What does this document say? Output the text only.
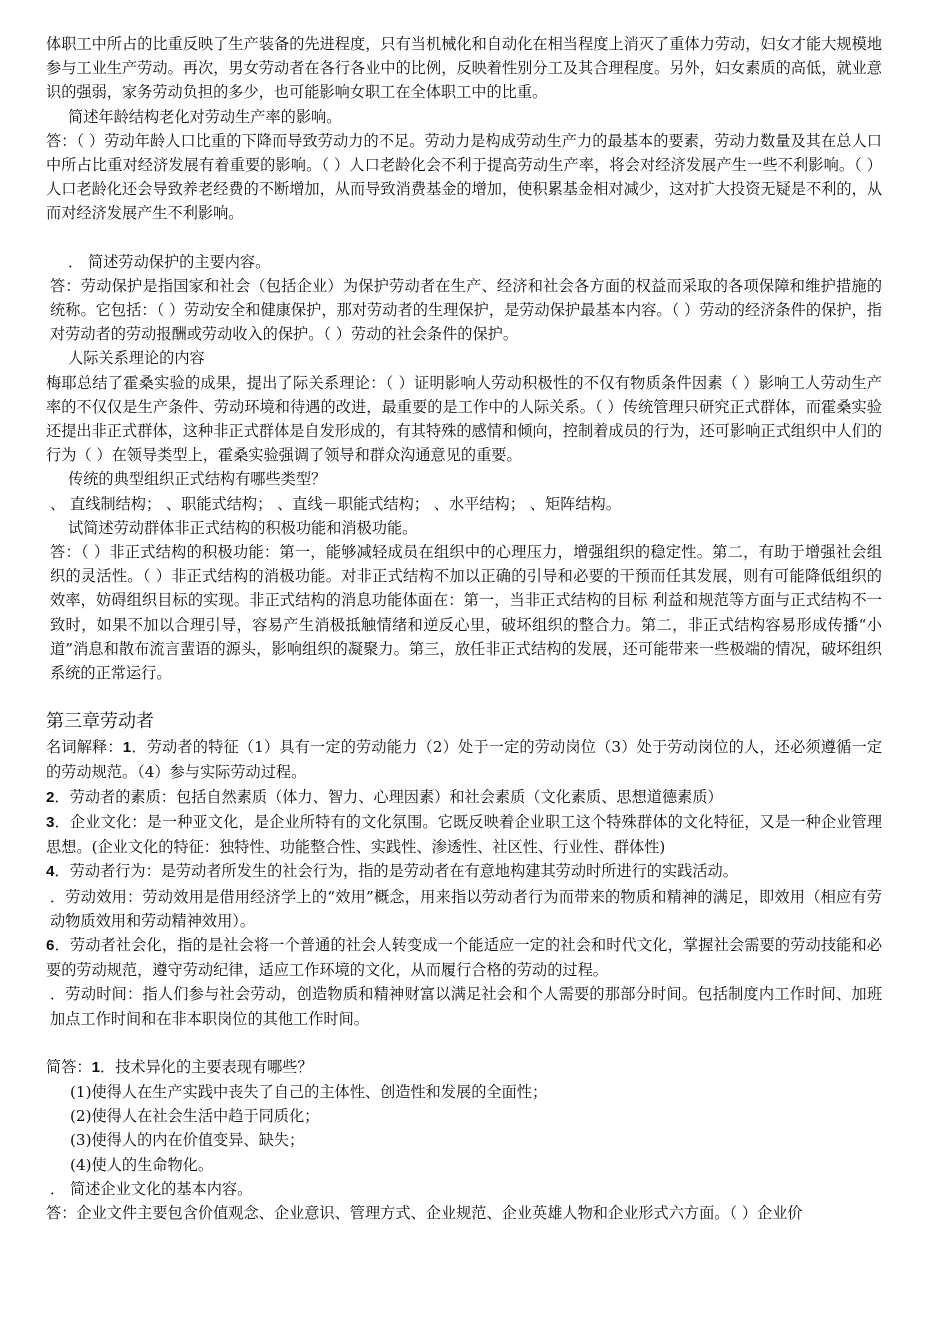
体职工中所占的比重反映了生产装备的先进程度，只有当机械化和自动化在相当程度上消灭了重体力劳动，妇女才能大规模地参与工业生产劳动。再次，男女劳动者在各行各业中的比例，反映着性别分工及其合理程度。另外，妇女素质的高低，就业意识的强弱，家务劳动负担的多少，也可能影响女职工在全体职工中的比重。

简述年龄结构老化对劳动生产率的影响。

答：（ ）劳动年龄人口比重的下降而导致劳动力的不足。劳动力是构成劳动生产力的最基本的要素，劳动力数量及其在总人口中所占比重对经济发展有着重要的影响。（ ）人口老龄化会不利于提高劳动生产率，将会对经济发展产生一些不利影响。（ ）人口老龄化还会导致养老经费的不断增加，从而导致消费基金的增加，使积累基金相对减少，这对扩大投资无疑是不利的，从而对经济发展产生不利影响。

． 简述劳动保护的主要内容。

答：劳动保护是指国家和社会（包括企业）为保护劳动者在生产、经济和社会各方面的权益而采取的各项保障和维护措施的统称。它包括：（ ）劳动安全和健康保护，那对劳动者的生理保护，是劳动保护最基本内容。（ ）劳动的经济条件的保护，指对劳动者的劳动报酬或劳动收入的保护。（ ）劳动的社会条件的保护。

人际关系理论的内容

梅耶总结了霍桑实验的成果，提出了际关系理论：（ ）证明影响人劳动积极性的不仅有物质条件因素（ ）影响工人劳动生产率的不仅仅是生产条件、劳动环境和待遇的改进，最重要的是工作中的人际关系。（ ）传统管理只研究正式群体，而霍桑实验还提出非正式群体，这种非正式群体是自发形成的，有其特殊的感情和倾向，控制着成员的行为，还可影响正式组织中人们的行为（ ）在领导类型上，霍桑实验强调了领导和群众沟通意见的重要。

传统的典型组织正式结构有哪些类型？

、 直线制结构； 、职能式结构； 、直线－职能式结构； 、水平结构； 、矩阵结构。

试简述劳动群体非正式结构的积极功能和消极功能。

答：（ ）非正式结构的积极功能：第一，能够减轻成员在组织中的心理压力，增强组织的稳定性。第二，有助于增强社会组织的灵活性。（ ）非正式结构的消极功能。对非正式结构不加以正确的引导和必要的干预而任其发展，则有可能降低组织的效率，妨碍组织目标的实现。非正式结构的消息功能体面在：第一，当非正式结构的目标 利益和规范等方面与正式结构不一致时，如果不加以合理引导，容易产生消极抵触情绪和逆反心里，破坏组织的整合力。第二，非正式结构容易形成传播“小道”消息和散布流言蜚语的源头，影响组织的凝聚力。第三，放任非正式结构的发展，还可能带来一些极端的情况，破坏组织系统的正常运行。

第三章劳动者

名词解释：1．劳动者的特征（1）具有一定的劳动能力（2）处于一定的劳动岗位（3）处于劳动岗位的人，还必须遵循一定的劳动规范。（4）参与实际劳动过程。

2．劳动者的素质：包括自然素质（体力、智力、心理因素）和社会素质（文化素质、思想道德素质）

3．企业文化：是一种亚文化，是企业所特有的文化氛围。它既反映着企业职工这个特殊群体的文化特征，又是一种企业管理思想。(企业文化的特征：独特性、功能整合性、实践性、渗透性、社区性、行业性、群体性)

4．劳动者行为：是劳动者所发生的社会行为，指的是劳动者在有意地构建其劳动时所进行的实践活动。

．劳动效用：劳动效用是借用经济学上的“效用”概念，用来指以劳动者行为而带来的物质和精神的满足，即效用（相应有劳动物质效用和劳动精神效用）。

6．劳动者社会化，指的是社会将一个普通的社会人转变成一个能适应一定的社会和时代文化，掌握社会需要的劳动技能和必要的劳动规范，遵守劳动纪律，适应工作环境的文化，从而履行合格的劳动的过程。

．劳动时间：指人们参与社会劳动，创造物质和精神财富以满足社会和个人需要的那部分时间。包括制度内工作时间、加班加点工作时间和在非本职岗位的其他工作时间。

简答：1．技术异化的主要表现有哪些？

(1)使得人在生产实践中丧失了自己的主体性、创造性和发展的全面性；

(2)使得人在社会生活中趋于同质化；

(3)使得人的内在价值变异、缺失；

(4)使人的生命物化。

． 简述企业文化的基本内容。

答：企业文件主要包含价值观念、企业意识、管理方式、企业规范、企业英雄人物和企业形式六方面。（ ）企业价
